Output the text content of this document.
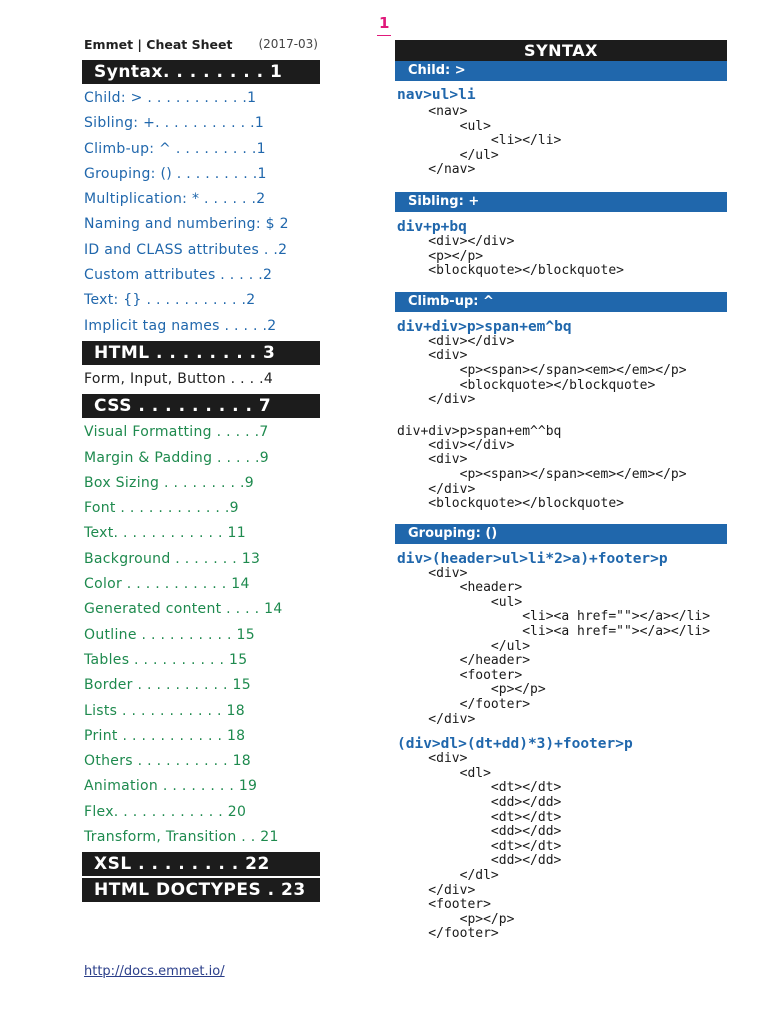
Emmet | Cheat Sheet (2017-03)
Syntax. . . . . . . . 1
Child: > . . . . . . . . . . .1
Sibling: +. . . . . . . . . . .1
Climb-up: ^ . . . . . . . . .1
Grouping: () . . . . . . . . .1
Multiplication: * . . . . . .2
Naming and numbering: $ 2
ID and CLASS attributes . .2
Custom attributes . . . . .2
Text: {} . . . . . . . . . . .2
Implicit tag names . . . . .2
HTML . . . . . . . . 3
Form, Input, Button . . . .4
CSS . . . . . . . . . 7
Visual Formatting . . . . .7
Margin & Padding . . . . .9
Box Sizing . . . . . . . . .9
Font . . . . . . . . . . . .9
Text. . . . . . . . . . . . 11
Background . . . . . . . 13
Color . . . . . . . . . . . 14
Generated content . . . . 14
Outline . . . . . . . . . . 15
Tables . . . . . . . . . . 15
Border . . . . . . . . . . 15
Lists . . . . . . . . . . . 18
Print . . . . . . . . . . . 18
Others . . . . . . . . . . 18
Animation . . . . . . . . 19
Flex. . . . . . . . . . . . 20
Transform, Transition . . 21
XSL . . . . . . . . 22
HTML DOCTYPES . 23
http://docs.emmet.io/
1
SYNTAX
Child: >
nav>ul>li
<nav>
<ul>
<li></li>
</ul>
</nav>
Sibling: +
div+p+bq
<div></div>
<p></p>
<blockquote></blockquote>
Climb-up: ^
div+div>p>span+em^bq
<div></div>
<div>
<p><span></span><em></em></p>
<blockquote></blockquote>
</div>
div+div>p>span+em^^bq
<div></div>
<div>
<p><span></span><em></em></p>
</div>
<blockquote></blockquote>
Grouping: ()
div>(header>ul>li*2>a)+footer>p
<div>
<header>
<ul>
<li><a href=""></a></li>
<li><a href=""></a></li>
</ul>
</header>
<footer>
<p></p>
</footer>
</div>
(div>dl>(dt+dd)*3)+footer>p
<div>
<dl>
<dt></dt>
<dd></dd>
<dt></dt>
<dd></dd>
<dt></dt>
<dd></dd>
</dl>
</div>
<footer>
<p></p>
</footer>
